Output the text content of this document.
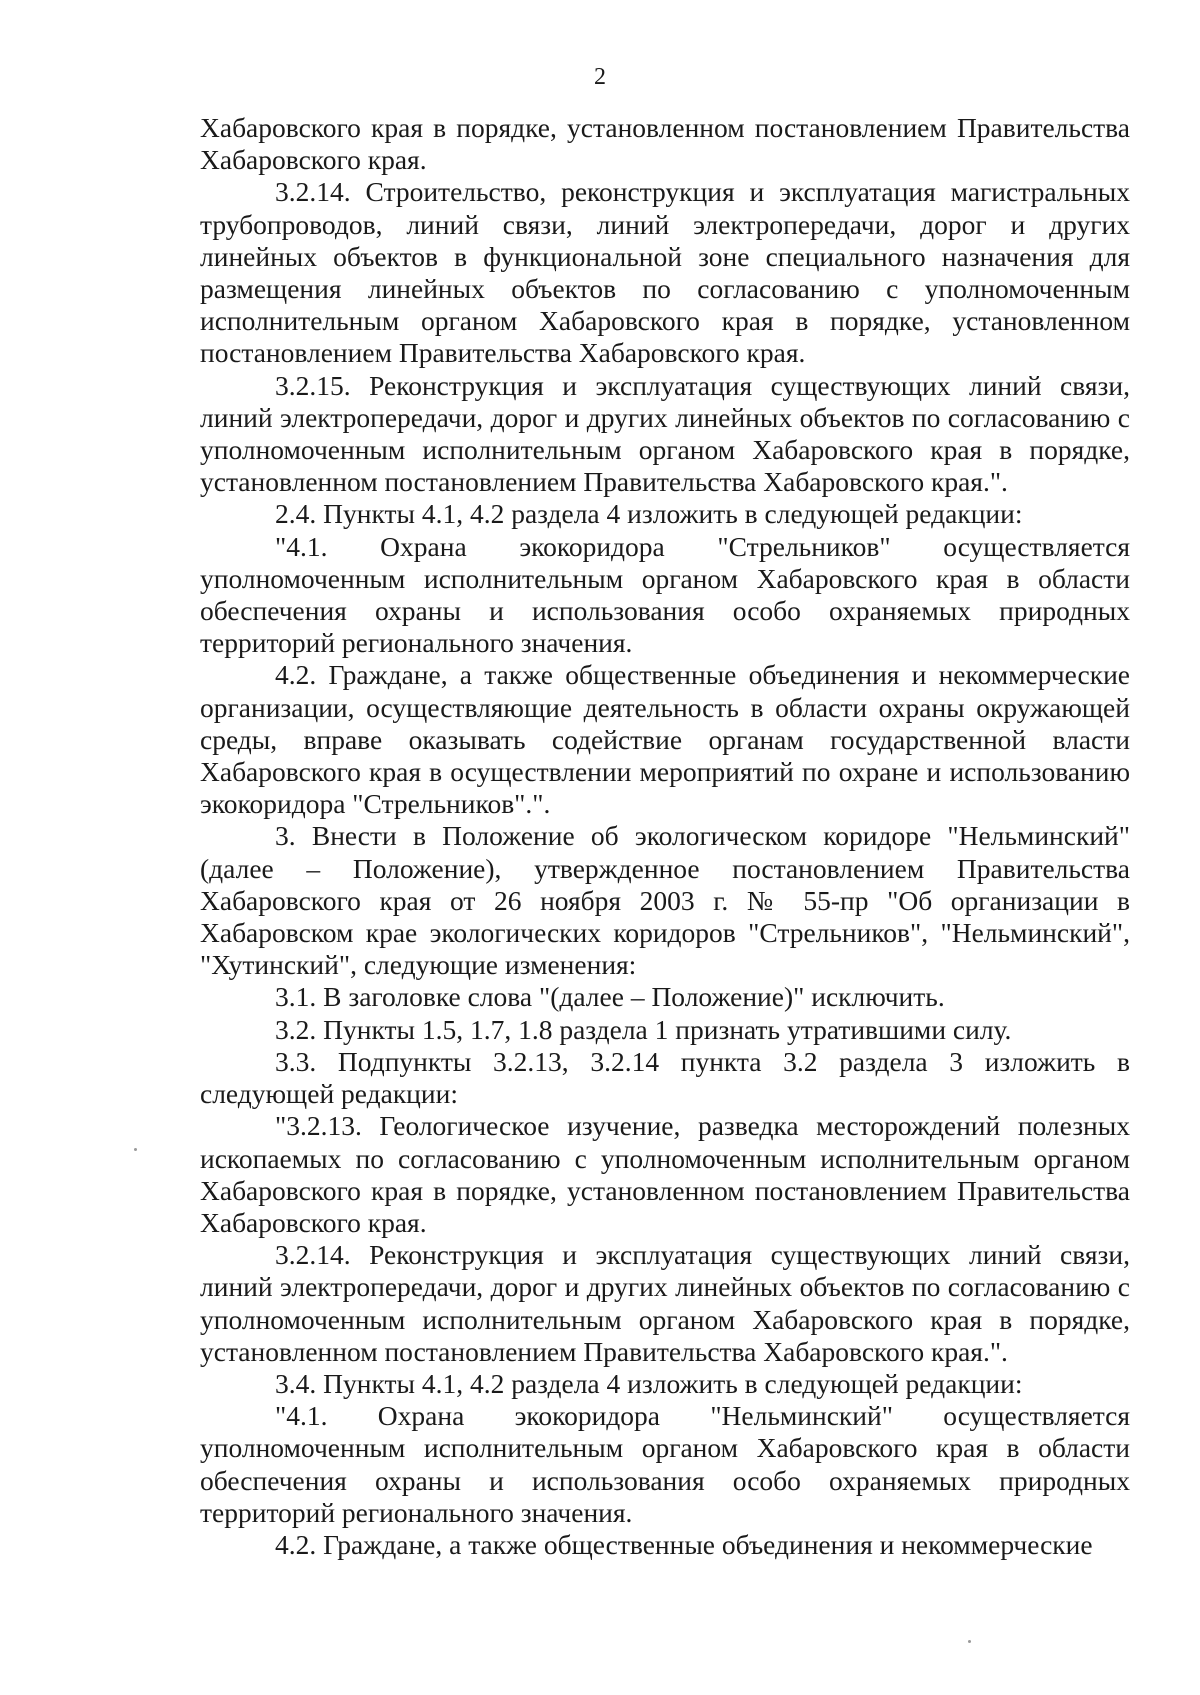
2

Хабаровского края в порядке, установленном постановлением Правительства Хабаровского края.

3.2.14. Строительство, реконструкция и эксплуатация магистральных трубопроводов, линий связи, линий электропередачи, дорог и других линейных объектов в функциональной зоне специального назначения для размещения линейных объектов по согласованию с уполномоченным исполнительным органом Хабаровского края в порядке, установленном постановлением Правительства Хабаровского края.

3.2.15. Реконструкция и эксплуатация существующих линий связи, линий электропередачи, дорог и других линейных объектов по согласованию с уполномоченным исполнительным органом Хабаровского края в порядке, установленном постановлением Правительства Хабаровского края.".

2.4. Пункты 4.1, 4.2 раздела 4 изложить в следующей редакции:

"4.1. Охрана экокоридора "Стрельников" осуществляется уполномоченным исполнительным органом Хабаровского края в области обеспечения охраны и использования особо охраняемых природных территорий регионального значения.

4.2. Граждане, а также общественные объединения и некоммерческие организации, осуществляющие деятельность в области охраны окружающей среды, вправе оказывать содействие органам государственной власти Хабаровского края в осуществлении мероприятий по охране и использованию экокоридора "Стрельников".".

3. Внести в Положение об экологическом коридоре "Нельминский" (далее – Положение), утвержденное постановлением Правительства Хабаровского края от 26 ноября 2003 г. № 55-пр "Об организации в Хабаровском крае экологических коридоров "Стрельников", "Нельминский", "Хутинский", следующие изменения:

3.1. В заголовке слова "(далее – Положение)" исключить.

3.2. Пункты 1.5, 1.7, 1.8 раздела 1 признать утратившими силу.

3.3. Подпункты 3.2.13, 3.2.14 пункта 3.2 раздела 3 изложить в следующей редакции:

"3.2.13. Геологическое изучение, разведка месторождений полезных ископаемых по согласованию с уполномоченным исполнительным органом Хабаровского края в порядке, установленном постановлением Правительства Хабаровского края.

3.2.14. Реконструкция и эксплуатация существующих линий связи, линий электропередачи, дорог и других линейных объектов по согласованию с уполномоченным исполнительным органом Хабаровского края в порядке, установленном постановлением Правительства Хабаровского края.".

3.4. Пункты 4.1, 4.2 раздела 4 изложить в следующей редакции:

"4.1. Охрана экокоридора "Нельминский" осуществляется уполномоченным исполнительным органом Хабаровского края в области обеспечения охраны и использования особо охраняемых природных территорий регионального значения.

4.2. Граждане, а также общественные объединения и некоммерческие
